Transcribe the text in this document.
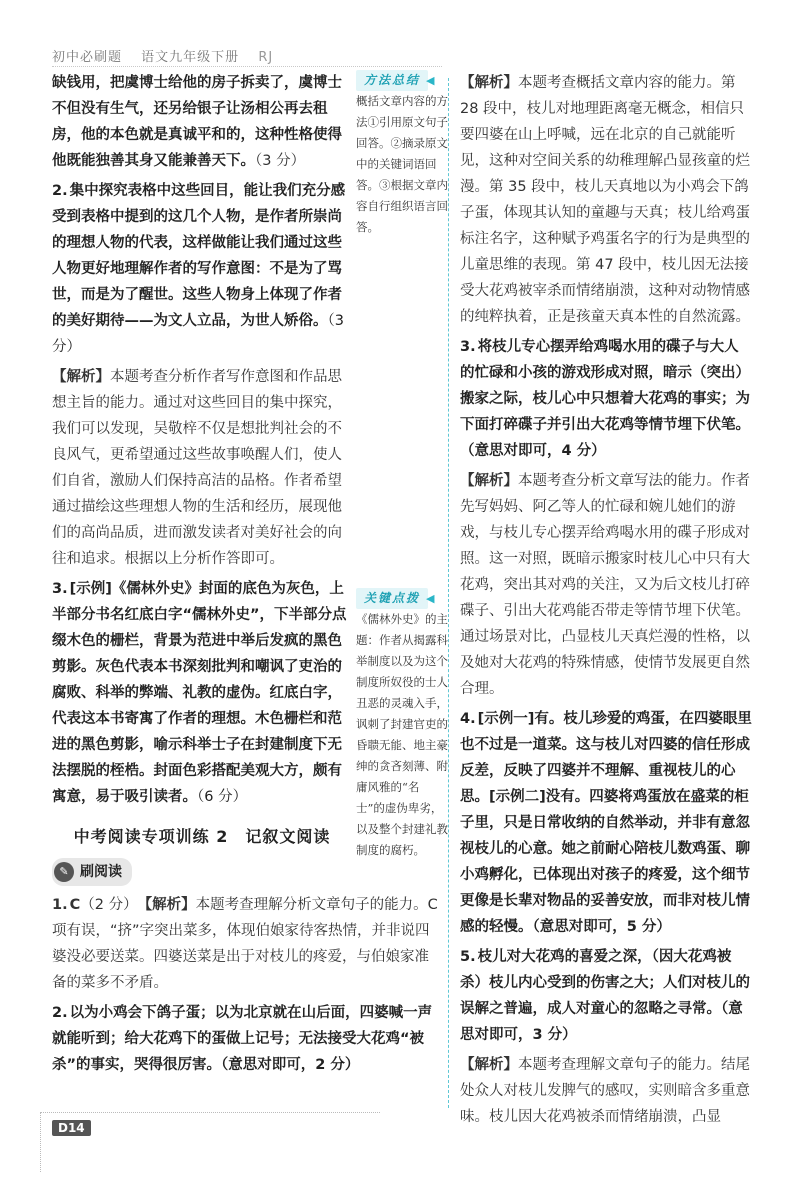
初中必刷题 语文九年级下册 RJ

缺钱用，把虞博士给他的房子拆卖了，虞博士不但没有生气，还另给银子让汤相公再去租房，他的本色就是真诚平和的，这种性格使得他既能独善其身又能兼善天下。（3 分）

2. 集中探究表格中这些回目，能让我们充分感受到表格中提到的这几个人物，是作者所崇尚的理想人物的代表，这样做能让我们通过这些人物更好地理解作者的写作意图：不是为了骂世，而是为了醒世。这些人物身上体现了作者的美好期待——为文人立品，为世人矫俗。（3 分）

【解析】本题考查分析作者写作意图和作品思想主旨的能力。通过对这些回目的集中探究，我们可以发现，吴敬梓不仅是想批判社会的不良风气，更希望通过这些故事唤醒人们，使人们自省，激励人们保持高洁的品格。作者希望通过描绘这些理想人物的生活和经历，展现他们的高尚品质，进而激发读者对美好社会的向往和追求。根据以上分析作答即可。

3. [示例]《儒林外史》封面的底色为灰色，上半部分书名红底白字“儒林外史”，下半部分点缀木色的栅栏，背景为范进中举后发疯的黑色剪影。灰色代表本书深刻批判和嘲讽了吏治的腐败、科举的弊端、礼教的虚伪。红底白字，代表这本书寄寓了作者的理想。木色栅栏和范进的黑色剪影，喻示科举士子在封建制度下无法摆脱的桎梏。封面色彩搭配美观大方，颇有寓意，易于吸引读者。（6 分）

中考阅读专项训练 2　记叙文阅读
✎ 刷阅读

1. C（2 分）　 【解析】本题考查理解分析文章句子的能力。C 项有误，“挤”字突出菜多，体现伯娘家待客热情，并非说四婆没必要送菜。四婆送菜是出于对枝儿的疼爱，与伯娘家准备的菜多不矛盾。

2. 以为小鸡会下鸽子蛋；以为北京就在山后面，四婆喊一声就能听到；给大花鸡下的蛋做上记号；无法接受大花鸡“被杀”的事实，哭得很厉害。（意思对即可，2 分）

方法总结 ◀
概括文章内容的方法①引用原文句子回答。②摘录原文中的关键词语回答。③根据文章内容自行组织语言回答。
关键点拨 ◀
《儒林外史》的主题：作者从揭露科举制度以及为这个制度所奴役的士人丑恶的灵魂入手，讽刺了封建官吏的昏聩无能、地主豪绅的贪吝刻薄、附庸风雅的“名士”的虚伪卑劣，以及整个封建礼教制度的腐朽。

【解析】本题考查概括文章内容的能力。第 28 段中，枝儿对地理距离毫无概念，相信只要四婆在山上呼喊，远在北京的自己就能听见，这种对空间关系的幼稚理解凸显孩童的烂漫。第 35 段中，枝儿天真地以为小鸡会下鸽子蛋，体现其认知的童趣与天真；枝儿给鸡蛋标注名字，这种赋予鸡蛋名字的行为是典型的儿童思维的表现。第 47 段中，枝儿因无法接受大花鸡被宰杀而情绪崩溃，这种对动物情感的纯粹执着，正是孩童天真本性的自然流露。

3. 将枝儿专心摆弄给鸡喝水用的碟子与大人的忙碌和小孩的游戏形成对照，暗示（突出）搬家之际，枝儿心中只想着大花鸡的事实；为下面打碎碟子并引出大花鸡等情节埋下伏笔。（意思对即可，4 分）

【解析】本题考查分析文章写法的能力。作者先写妈妈、阿乙等人的忙碌和婉儿她们的游戏，与枝儿专心摆弄给鸡喝水用的碟子形成对照。这一对照，既暗示搬家时枝儿心中只有大花鸡，突出其对鸡的关注，又为后文枝儿打碎碟子、引出大花鸡能否带走等情节埋下伏笔。通过场景对比，凸显枝儿天真烂漫的性格，以及她对大花鸡的特殊情感，使情节发展更自然合理。

4. [示例一]有。枝儿珍爱的鸡蛋，在四婆眼里也不过是一道菜。这与枝儿对四婆的信任形成反差，反映了四婆并不理解、重视枝儿的心思。[示例二]没有。四婆将鸡蛋放在盛菜的柜子里，只是日常收纳的自然举动，并非有意忽视枝儿的心意。她之前耐心陪枝儿数鸡蛋、聊小鸡孵化，已体现出对孩子的疼爱，这个细节更像是长辈对物品的妥善安放，而非对枝儿情感的轻慢。（意思对即可，5 分）

5. 枝儿对大花鸡的喜爱之深，（因大花鸡被杀）枝儿内心受到的伤害之大；人们对枝儿的误解之普遍，成人对童心的忽略之寻常。（意思对即可，3 分）

【解析】本题考查理解文章句子的能力。结尾处众人对枝儿发脾气的感叹，实则暗含多重意味。枝儿因大花鸡被杀而情绪崩溃，凸显

D14
